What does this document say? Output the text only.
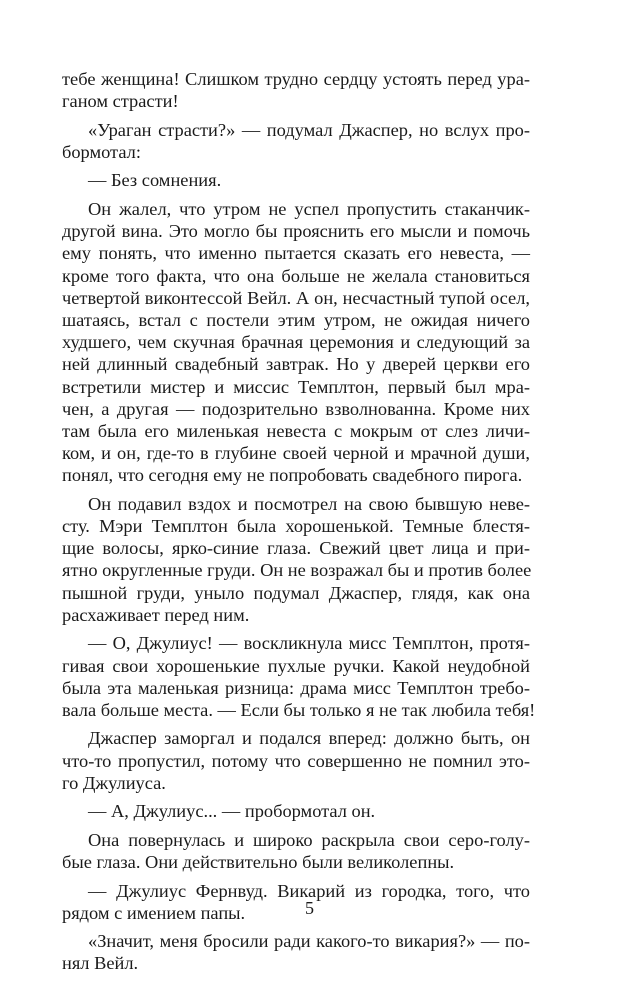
тебе женщина! Слишком трудно сердцу устоять перед ура-
ганом страсти!

«Ураган страсти?» — подумал Джаспер, но вслух про-
бормотал:

— Без сомнения.

Он жалел, что утром не успел пропустить стаканчик-
другой вина. Это могло бы прояснить его мысли и помочь
ему понять, что именно пытается сказать его невеста, —
кроме того факта, что она больше не желала становиться
четвертой виконтессой Вейл. А он, несчастный тупой осел,
шатаясь, встал с постели этим утром, не ожидая ничего
худшего, чем скучная брачная церемония и следующий за
ней длинный свадебный завтрак. Но у дверей церкви его
встретили мистер и миссис Темплтон, первый был мра-
чен, а другая — подозрительно взволнованна. Кроме них
там была его миленькая невеста с мокрым от слез личи-
ком, и он, где-то в глубине своей черной и мрачной души,
понял, что сегодня ему не попробовать свадебного пирога.

Он подавил вздох и посмотрел на свою бывшую неве-
сту. Мэри Темплтон была хорошенькой. Темные блестя-
щие волосы, ярко-синие глаза. Свежий цвет лица и при-
ятно округленные груди. Он не возражал бы и против более
пышной груди, уныло подумал Джаспер, глядя, как она
расхаживает перед ним.

— О, Джулиус! — воскликнула мисс Темплтон, протя-
гивая свои хорошенькие пухлые ручки. Какой неудобной
была эта маленькая ризница: драма мисс Темплтон требо-
вала больше места. — Если бы только я не так любила тебя!

Джаспер заморгал и подался вперед: должно быть, он
что-то пропустил, потому что совершенно не помнил это-
го Джулиуса.

— А, Джулиус... — пробормотал он.

Она повернулась и широко раскрыла свои серо-голу-
бые глаза. Они действительно были великолепны.

— Джулиус Фернвуд. Викарий из городка, того, что
рядом с имением папы.

«Значит, меня бросили ради какого-то викария?» — по-
нял Вейл.

5
